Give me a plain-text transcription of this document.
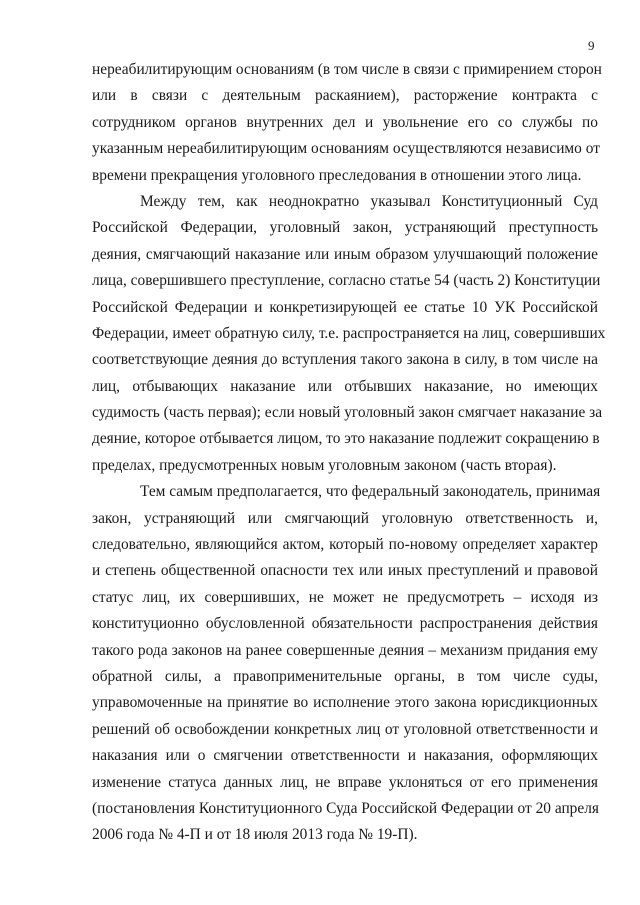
9
нереабилитирующим основаниям (в том числе в связи с примирением сторон
или в связи с деятельным раскаянием), расторжение контракта с
сотрудником органов внутренних дел и увольнение его со службы по
указанным нереабилитирующим основаниям осуществляются независимо от
времени прекращения уголовного преследования в отношении этого лица.
Между тем, как неоднократно указывал Конституционный Суд
Российской Федерации, уголовный закон, устраняющий преступность
деяния, смягчающий наказание или иным образом улучшающий положение
лица, совершившего преступление, согласно статье 54 (часть 2) Конституции
Российской Федерации и конкретизирующей ее статье 10 УК Российской
Федерации, имеет обратную силу, т.е. распространяется на лиц, совершивших
соответствующие деяния до вступления такого закона в силу, в том числе на
лиц, отбывающих наказание или отбывших наказание, но имеющих
судимость (часть первая); если новый уголовный закон смягчает наказание за
деяние, которое отбывается лицом, то это наказание подлежит сокращению в
пределах, предусмотренных новым уголовным законом (часть вторая).
Тем самым предполагается, что федеральный законодатель, принимая
закон, устраняющий или смягчающий уголовную ответственность и,
следовательно, являющийся актом, который по-новому определяет характер
и степень общественной опасности тех или иных преступлений и правовой
статус лиц, их совершивших, не может не предусмотреть – исходя из
конституционно обусловленной обязательности распространения действия
такого рода законов на ранее совершенные деяния – механизм придания ему
обратной силы, а правоприменительные органы, в том числе суды,
управомоченные на принятие во исполнение этого закона юрисдикционных
решений об освобождении конкретных лиц от уголовной ответственности и
наказания или о смягчении ответственности и наказания, оформляющих
изменение статуса данных лиц, не вправе уклоняться от его применения
(постановления Конституционного Суда Российской Федерации от 20 апреля
2006 года № 4-П и от 18 июля 2013 года № 19-П).
